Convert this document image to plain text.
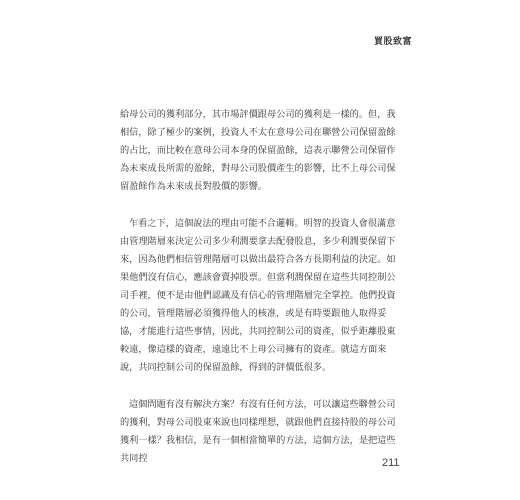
買股致富

給母公司的獲利部分，其市場評價跟母公司的獲利是一樣的。但，我相信，除了極少的案例，投資人不太在意母公司在聯營公司保留盈餘的占比，而比較在意母公司本身的保留盈餘，這表示聯營公司保留作為未來成長所需的盈餘，對母公司股價產生的影響，比不上母公司保留盈餘作為未來成長對股價的影響。

乍看之下，這個說法的理由可能不合邏輯。明智的投資人會很滿意由管理階層來決定公司多少利潤要拿去配發股息，多少利潤要保留下來，因為他們相信管理階層可以做出最符合各方長期利益的決定。如果他們沒有信心，應該會賣掉股票。但當利潤保留在這些共同控制公司手裡，便不是由他們認識及有信心的管理階層完全掌控。他們投資的公司，管理階層必須獲得他人的核准，或是有時要跟他人取得妥協，才能進行這些事情，因此，共同控制公司的資產，似乎距離股東較遠，像這樣的資產，遠遠比不上母公司擁有的資產。就這方面來說，共同控制公司的保留盈餘，得到的評價低很多。

這個問題有沒有解決方案？有沒有任何方法，可以讓這些聯營公司的獲利，對母公司股東來說也同樣理想，就跟他們直接持股的母公司獲利一樣？我相信，是有一個相當簡單的方法，這個方法，是把這些共同控	211
